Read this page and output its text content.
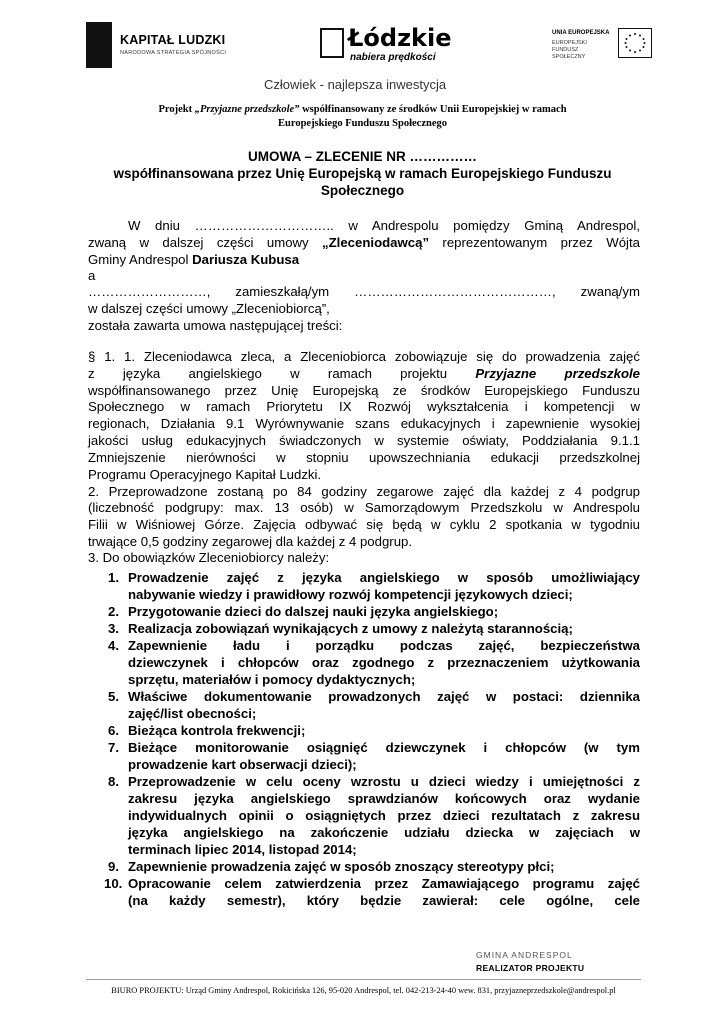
KAPITAŁ LUDZKI
NARODOWA STRATEGIA SPÓJNOŚCI
Łódzkie
nabiera prędkości
UNIA EUROPEJSKA
EUROPEJSKI
FUNDUSZ
SPOŁECZNY
Człowiek - najlepsza inwestycja
Projekt „Przyjazne przedszkole” współfinansowany ze środków Unii Europejskiej w ramach
Europejskiego Funduszu Społecznego
UMOWA – ZLECENIE NR ……………
współfinansowana przez Unię Europejską w ramach Europejskiego Funduszu
Społecznego
W dniu ………………………….. w Andrespolu pomiędzy Gminą Andrespol,
zwaną w dalszej części umowy „Zleceniodawcą” reprezentowanym przez Wójta
Gminy Andrespol Dariusza Kubusa
a
………………………, zamieszkałą/ym ………………………………………, zwaną/ym
w dalszej części umowy „Zleceniobiorcą”,
została zawarta umowa następującej treści:
§ 1. 1. Zleceniodawca zleca, a Zleceniobiorca zobowiązuje się do prowadzenia zajęć
z języka angielskiego w ramach projektu Przyjazne przedszkole
współfinansowanego przez Unię Europejską ze środków Europejskiego Funduszu
Społecznego w ramach Priorytetu IX Rozwój wykształcenia i kompetencji w
regionach, Działania 9.1 Wyrównywanie szans edukacyjnych i zapewnienie wysokiej
jakości usług edukacyjnych świadczonych w systemie oświaty, Poddziałania 9.1.1
Zmniejszenie nierówności w stopniu upowszechniania edukacji przedszkolnej
Programu Operacyjnego Kapitał Ludzki.
2. Przeprowadzone zostaną po 84 godziny zegarowe zajęć dla każdej z 4 podgrup
(liczebność podgrupy: max. 13 osób) w Samorządowym Przedszkolu w Andrespolu
Filii w Wiśniowej Górze. Zajęcia odbywać się będą w cyklu 2 spotkania w tygodniu
trwające 0,5 godziny zegarowej dla każdej z 4 podgrup.
3. Do obowiązków Zleceniobiorcy należy:
1. Prowadzenie zajęć z języka angielskiego w sposób umożliwiający
nabywanie wiedzy i prawidłowy rozwój kompetencji językowych dzieci;
2. Przygotowanie dzieci do dalszej nauki języka angielskiego;
3. Realizacja zobowiązań wynikających z umowy z należytą starannością;
4. Zapewnienie ładu i porządku podczas zajęć, bezpieczeństwa
dziewczynek i chłopców oraz zgodnego z przeznaczeniem użytkowania
sprzętu, materiałów i pomocy dydaktycznych;
5. Właściwe dokumentowanie prowadzonych zajęć w postaci: dziennika
zajęć/list obecności;
6. Bieżąca kontrola frekwencji;
7. Bieżące monitorowanie osiągnięć dziewczynek i chłopców (w tym
prowadzenie kart obserwacji dzieci);
8. Przeprowadzenie w celu oceny wzrostu u dzieci wiedzy i umiejętności z
zakresu języka angielskiego sprawdzianów końcowych oraz wydanie
indywidualnych opinii o osiągniętych przez dzieci rezultatach z zakresu
języka angielskiego na zakończenie udziału dziecka w zajęciach w
terminach lipiec 2014, listopad 2014;
9. Zapewnienie prowadzenia zajęć w sposób znoszący stereotypy płci;
10. Opracowanie celem zatwierdzenia przez Zamawiającego programu zajęć
(na każdy semestr), który będzie zawierał: cele ogólne, cele
GMINA ANDRESPOL
REALIZATOR PROJEKTU
BIURO PROJEKTU: Urząd Gminy Andrespol, Rokicińska 126, 95-020 Andrespol, tel. 042-213-24-40 wew. 831, przyjazneprzedszkole@andrespol.pl
